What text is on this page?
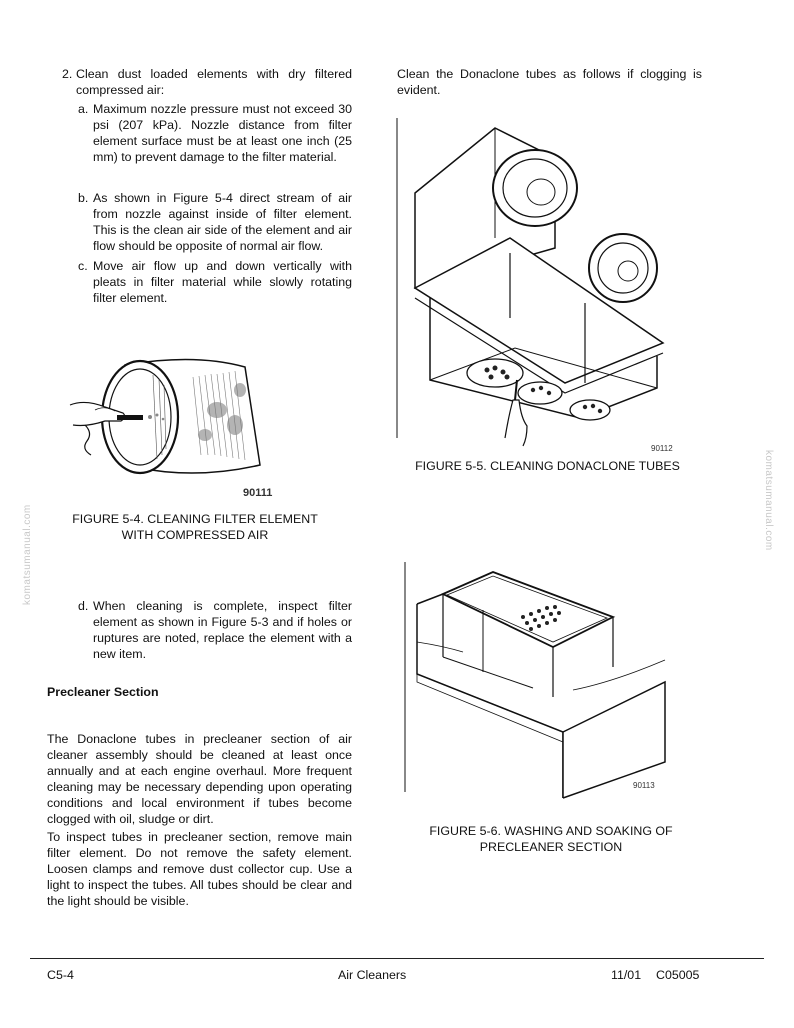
komatsumanual.com
komatsumanual.com
2. Clean dust loaded elements with dry filtered compressed air:

a. Maximum nozzle pressure must not exceed 30 psi (207 kPa). Nozzle distance from filter element surface must be at least one inch (25 mm) to prevent damage to the filter material.

b. As shown in Figure 5-4 direct stream of air from nozzle against inside of filter element. This is the clean air side of the element and air flow should be opposite of normal air flow.

c. Move air flow up and down vertically with pleats in filter material while slowly rotating filter element.

90111
FIGURE 5-4. CLEANING FILTER ELEMENT
WITH COMPRESSED AIR
d. When cleaning is complete, inspect filter element as shown in Figure 5-3 and if holes or ruptures are noted, replace the element with a new item.

Precleaner Section

The Donaclone tubes in precleaner section of air cleaner assembly should be cleaned at least once annually and at each engine overhaul. More frequent cleaning may be necessary depending upon operating conditions and local environment if tubes become clogged with oil, sludge or dirt.

To inspect tubes in precleaner section, remove main filter element. Do not remove the safety element. Loosen clamps and remove dust collector cup. Use a light to inspect the tubes. All tubes should be clear and the light should be visible.

Clean the Donaclone tubes as follows if clogging is evident.

90112
FIGURE 5-5. CLEANING DONACLONE TUBES
90113
FIGURE 5-6. WASHING AND SOAKING OF
PRECLEANER SECTION
C5-4	Air Cleaners	11/01 C05005
